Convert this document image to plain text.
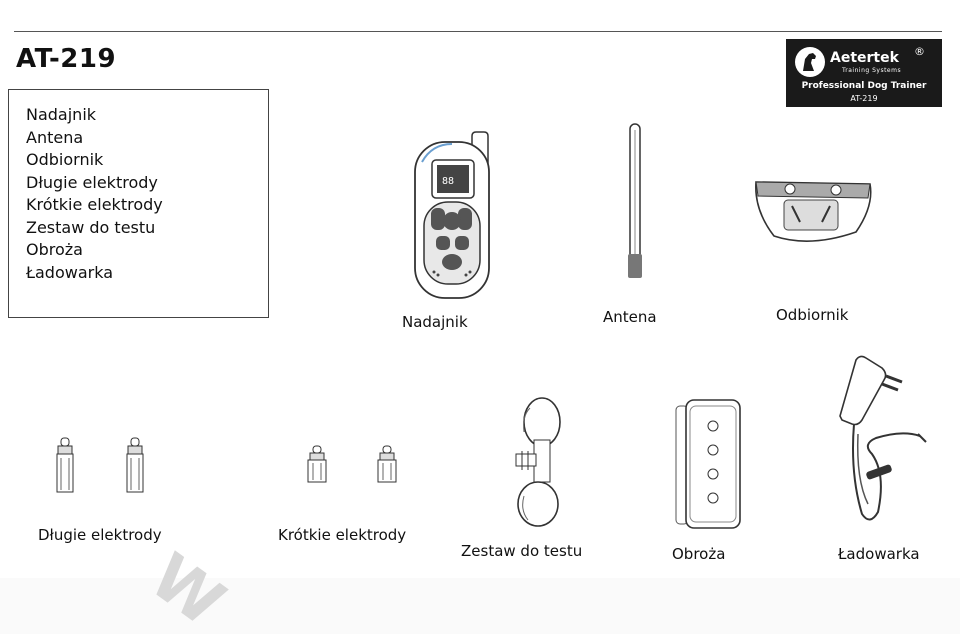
AT-219	Aetertek ®
Training Systems
Professional Dog Trainer
AT-219
Nadajnik
Antena
Odbiornik
Długie elektrody
Krótkie elektrody
Zestaw do testu
Obroża
Ładowarka
88
Nadajnik	Antena	Odbiornik
Długie elektrody	Krótkie elektrody
Zestaw do testu	Obroża	Ładowarka
W
